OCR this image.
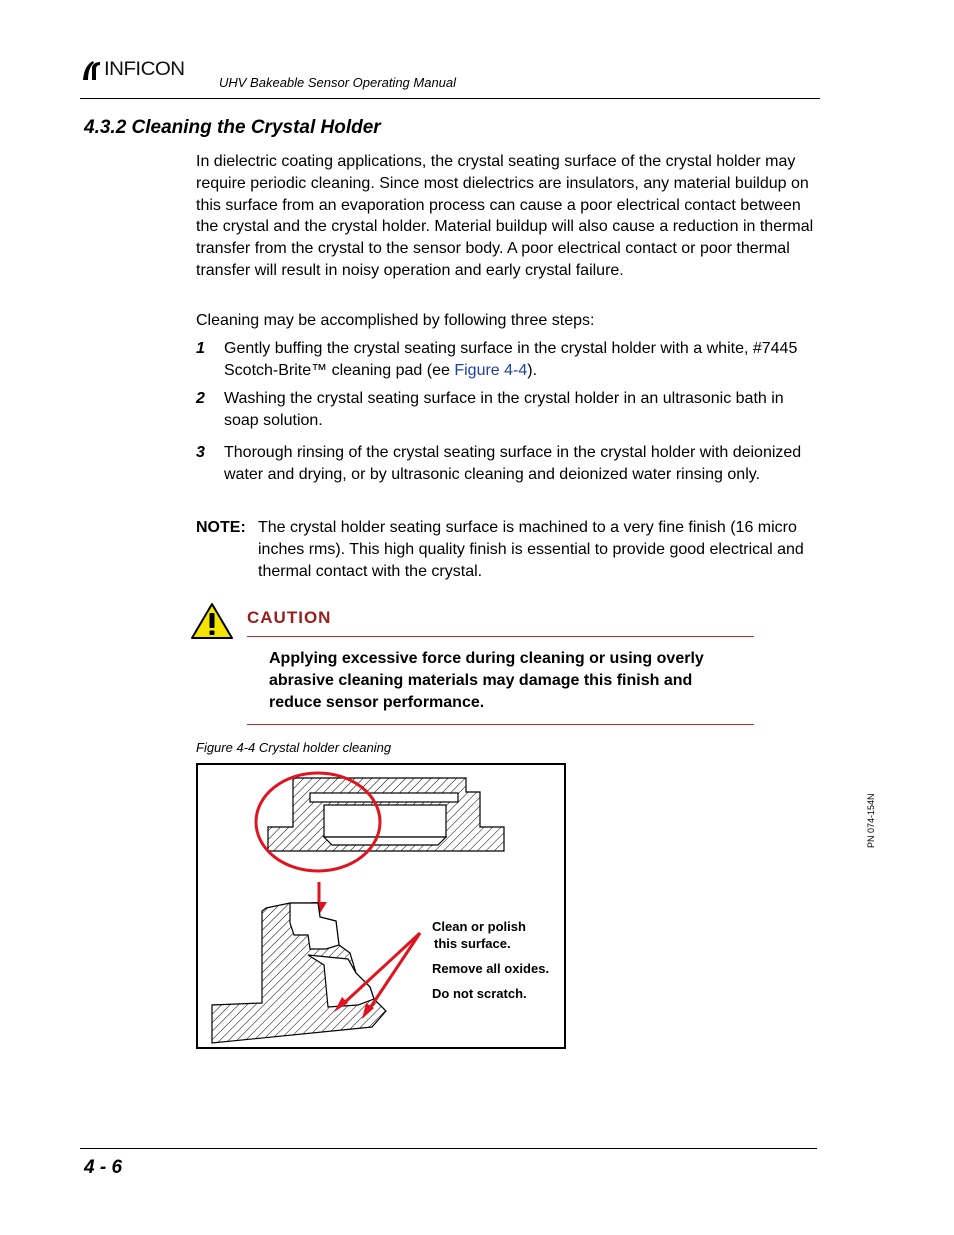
INFICON
UHV Bakeable Sensor Operating Manual
4.3.2 Cleaning the Crystal Holder
In dielectric coating applications, the crystal seating surface of the crystal holder may require periodic cleaning. Since most dielectrics are insulators, any material buildup on this surface from an evaporation process can cause a poor electrical contact between the crystal and the crystal holder. Material buildup will also cause a reduction in thermal transfer from the crystal to the sensor body. A poor electrical contact or poor thermal transfer will result in noisy operation and early crystal failure.
Cleaning may be accomplished by following three steps:
1 Gently buffing the crystal seating surface in the crystal holder with a white, #7445 Scotch-Brite™ cleaning pad (ee Figure 4-4).
2 Washing the crystal seating surface in the crystal holder in an ultrasonic bath in soap solution.
3 Thorough rinsing of the crystal seating surface in the crystal holder with deionized water and drying, or by ultrasonic cleaning and deionized water rinsing only.
NOTE: The crystal holder seating surface is machined to a very fine finish (16 micro inches rms). This high quality finish is essential to provide good electrical and thermal contact with the crystal.
CAUTION
Applying excessive force during cleaning or using overly abrasive cleaning materials may damage this finish and reduce sensor performance.
Figure 4-4 Crystal holder cleaning
Clean or polish
this surface.
Remove all oxides.
Do not scratch.
PN 074-154N
4 - 6
